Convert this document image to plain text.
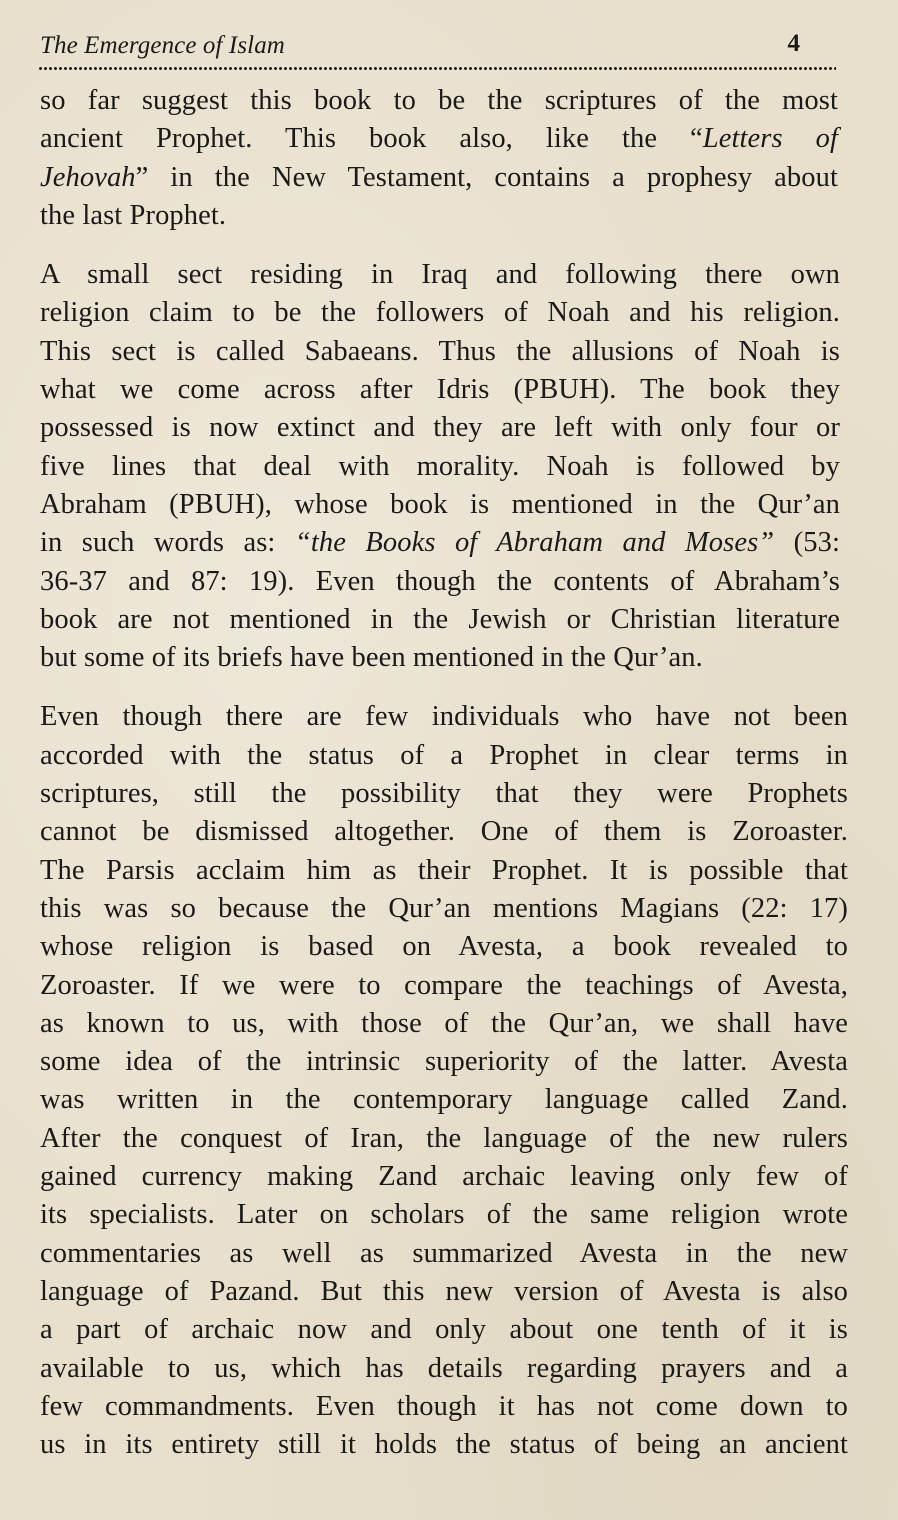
The Emergence of Islam	4
so far suggest this book to be the scriptures of the most
ancient Prophet. This book also, like the “Letters of
Jehovah” in the New Testament, contains a prophesy about
the last Prophet.
A small sect residing in Iraq and following there own
religion claim to be the followers of Noah and his religion.
This sect is called Sabaeans. Thus the allusions of Noah is
what we come across after Idris (PBUH). The book they
possessed is now extinct and they are left with only four or
five lines that deal with morality. Noah is followed by
Abraham (PBUH), whose book is mentioned in the Qur’an
in such words as: “the Books of Abraham and Moses” (53:
36-37 and 87: 19). Even though the contents of Abraham’s
book are not mentioned in the Jewish or Christian literature
but some of its briefs have been mentioned in the Qur’an.
Even though there are few individuals who have not been
accorded with the status of a Prophet in clear terms in
scriptures, still the possibility that they were Prophets
cannot be dismissed altogether. One of them is Zoroaster.
The Parsis acclaim him as their Prophet. It is possible that
this was so because the Qur’an mentions Magians (22: 17)
whose religion is based on Avesta, a book revealed to
Zoroaster. If we were to compare the teachings of Avesta,
as known to us, with those of the Qur’an, we shall have
some idea of the intrinsic superiority of the latter. Avesta
was written in the contemporary language called Zand.
After the conquest of Iran, the language of the new rulers
gained currency making Zand archaic leaving only few of
its specialists. Later on scholars of the same religion wrote
commentaries as well as summarized Avesta in the new
language of Pazand. But this new version of Avesta is also
a part of archaic now and only about one tenth of it is
available to us, which has details regarding prayers and a
few commandments. Even though it has not come down to
us in its entirety still it holds the status of being an ancient
